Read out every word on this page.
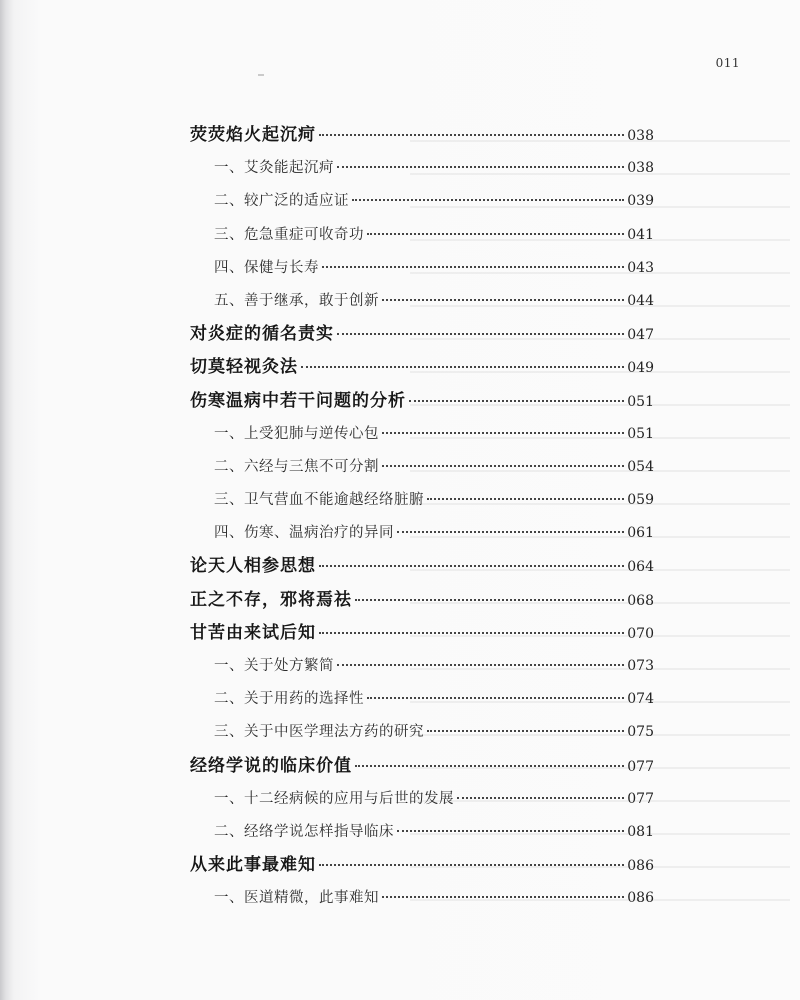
011
荧荧焰火起沉疴	038
一、艾灸能起沉疴	038
二、较广泛的适应证	039
三、危急重症可收奇功	041
四、保健与长寿	043
五、善于继承，敢于创新	044
对炎症的循名责实	047
切莫轻视灸法	049
伤寒温病中若干问题的分析	051
一、上受犯肺与逆传心包	051
二、六经与三焦不可分割	054
三、卫气营血不能逾越经络脏腑	059
四、伤寒、温病治疗的异同	061
论天人相参思想	064
正之不存，邪将焉祛	068
甘苦由来试后知	070
一、关于处方繁简	073
二、关于用药的选择性	074
三、关于中医学理法方药的研究	075
经络学说的临床价值	077
一、十二经病候的应用与后世的发展	077
二、经络学说怎样指导临床	081
从来此事最难知	086
一、医道精微，此事难知	086
